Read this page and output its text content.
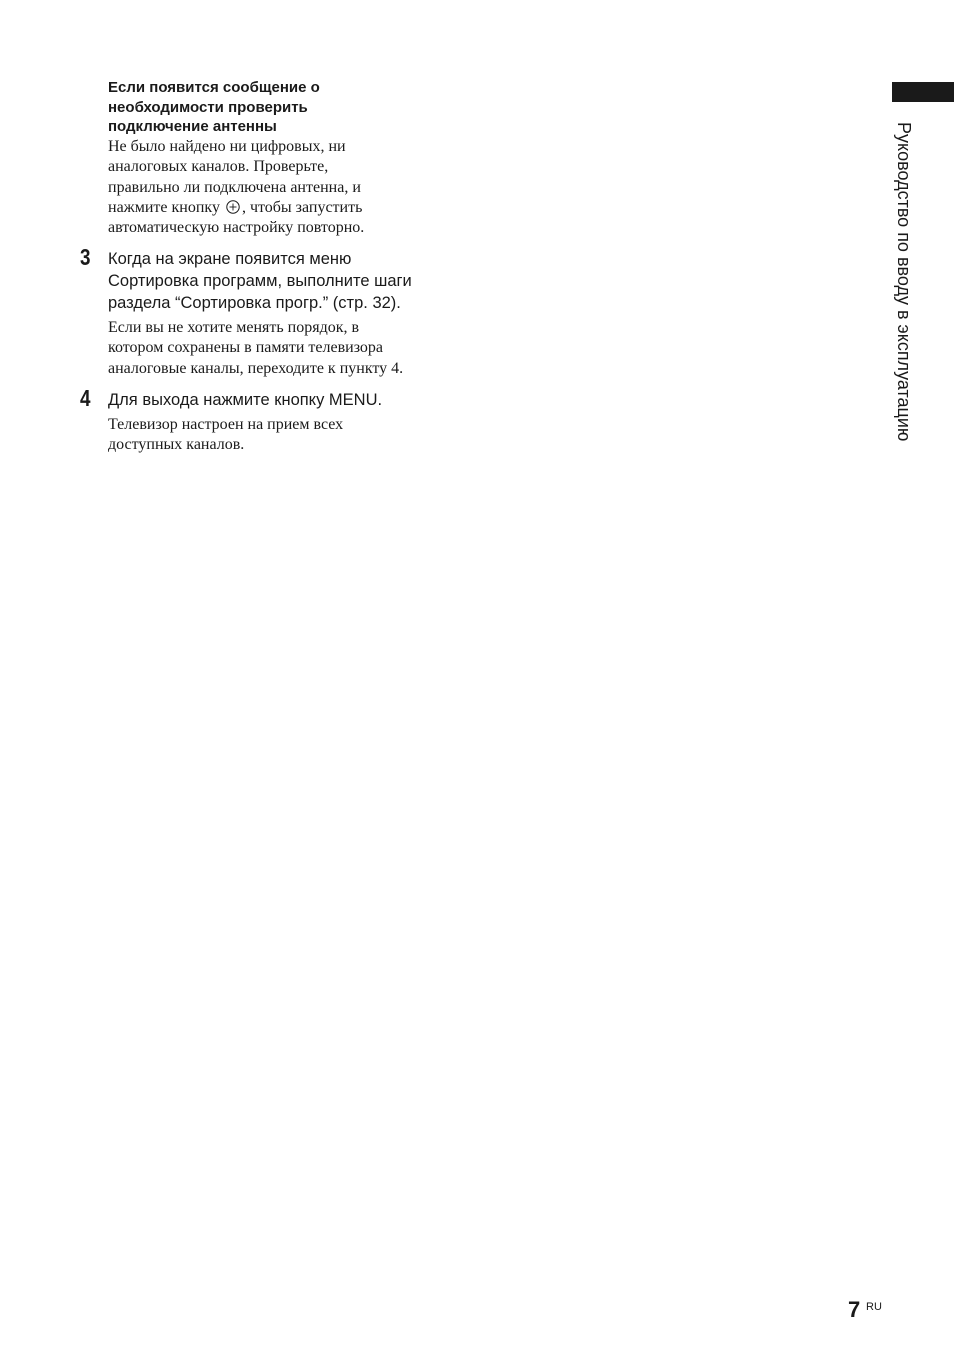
Если появится сообщение о
необходимости проверить
подключение антенны
Не было найдено ни цифровых, ни
аналоговых каналов. Проверьте,
правильно ли подключена антенна, и
нажмите кнопку , чтобы запустить
автоматическую настройку повторно.
3 Когда на экране появится меню
Сортировка программ, выполните шаги
раздела “Сортировка прогр.” (стр. 32).
Если вы не хотите менять порядок, в
котором сохранены в памяти телевизора
аналоговые каналы, переходите к пункту 4.
4 Для выхода нажмите кнопку MENU.
Телевизор настроен на прием всех
доступных каналов.
Руководство по вводу в эксплуатацию
7 RU
